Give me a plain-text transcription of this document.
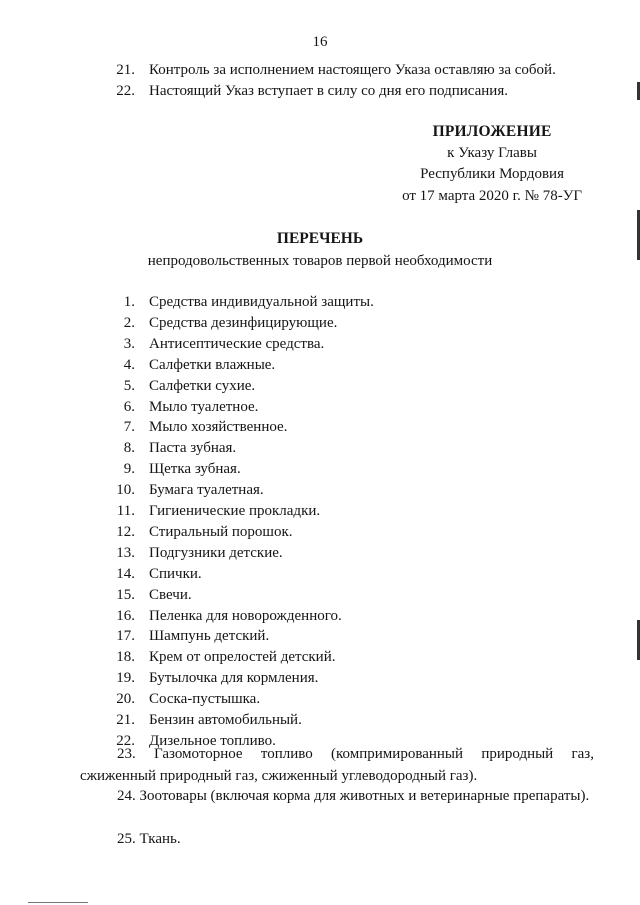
16
21. Контроль за исполнением настоящего Указа оставляю за собой.
22. Настоящий Указ вступает в силу со дня его подписания.
ПРИЛОЖЕНИЕ
к Указу Главы
Республики Мордовия
от 17 марта 2020 г. № 78-УГ
ПЕРЕЧЕНЬ
непродовольственных товаров первой необходимости
1. Средства индивидуальной защиты.
2. Средства дезинфицирующие.
3. Антисептические средства.
4. Салфетки влажные.
5. Салфетки сухие.
6. Мыло туалетное.
7. Мыло хозяйственное.
8. Паста зубная.
9. Щетка зубная.
10. Бумага туалетная.
11. Гигиенические прокладки.
12. Стиральный порошок.
13. Подгузники детские.
14. Спички.
15. Свечи.
16. Пеленка для новорожденного.
17. Шампунь детский.
18. Крем от опрелостей детский.
19. Бутылочка для кормления.
20. Соска-пустышка.
21. Бензин автомобильный.
22. Дизельное топливо.
23. Газомоторное топливо (компримированный природный газ, сжиженный природный газ, сжиженный углеводородный газ).
24. Зоотовары (включая корма для животных и ветеринарные препараты).
25. Ткань.
